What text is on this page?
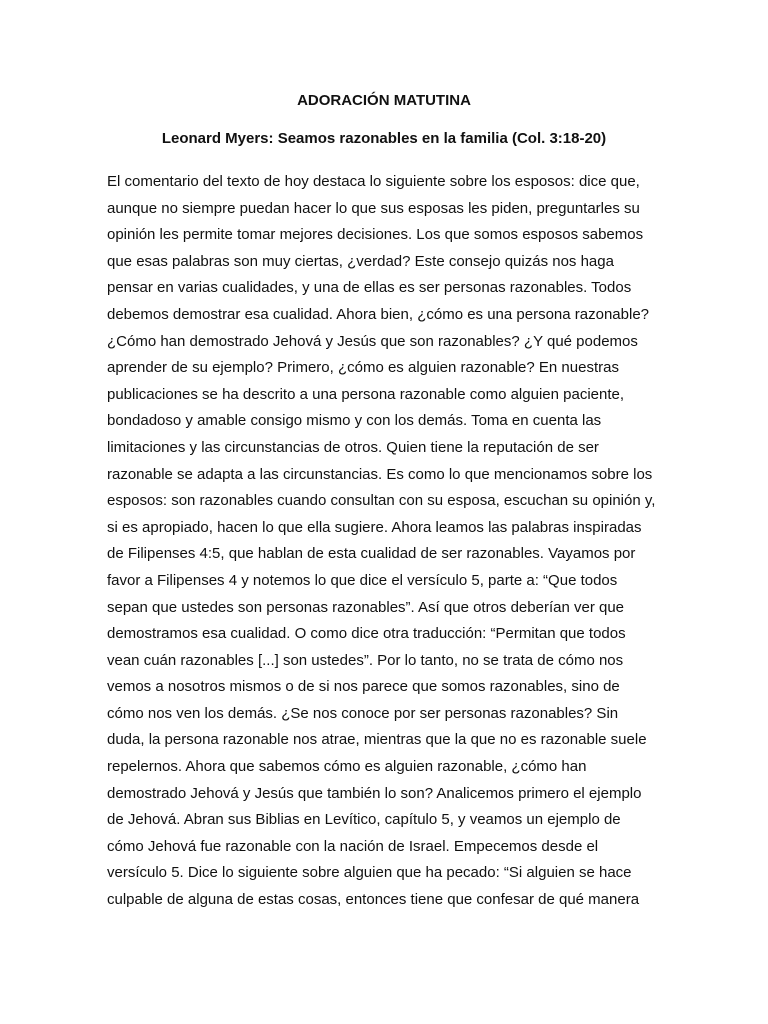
ADORACIÓN MATUTINA
Leonard Myers: Seamos razonables en la familia (Col. 3:18-20)
El comentario del texto de hoy destaca lo siguiente sobre los esposos: dice que,
aunque no siempre puedan hacer lo que sus esposas les piden, preguntarles su
opinión les permite tomar mejores decisiones. Los que somos esposos sabemos
que esas palabras son muy ciertas, ¿verdad? Este consejo quizás nos haga
pensar en varias cualidades, y una de ellas es ser personas razonables. Todos
debemos demostrar esa cualidad. Ahora bien, ¿cómo es una persona razonable?
¿Cómo han demostrado Jehová y Jesús que son razonables? ¿Y qué podemos
aprender de su ejemplo? Primero, ¿cómo es alguien razonable? En nuestras
publicaciones se ha descrito a una persona razonable como alguien paciente,
bondadoso y amable consigo mismo y con los demás. Toma en cuenta las
limitaciones y las circunstancias de otros. Quien tiene la reputación de ser
razonable se adapta a las circunstancias. Es como lo que mencionamos sobre los
esposos: son razonables cuando consultan con su esposa, escuchan su opinión y,
si es apropiado, hacen lo que ella sugiere. Ahora leamos las palabras inspiradas
de Filipenses 4:5, que hablan de esta cualidad de ser razonables. Vayamos por
favor a Filipenses 4 y notemos lo que dice el versículo 5, parte a: “Que todos
sepan que ustedes son personas razonables”. Así que otros deberían ver que
demostramos esa cualidad. O como dice otra traducción: “Permitan que todos
vean cuán razonables [...] son ustedes”. Por lo tanto, no se trata de cómo nos
vemos a nosotros mismos o de si nos parece que somos razonables, sino de
cómo nos ven los demás. ¿Se nos conoce por ser personas razonables? Sin
duda, la persona razonable nos atrae, mientras que la que no es razonable suele
repelernos. Ahora que sabemos cómo es alguien razonable, ¿cómo han
demostrado Jehová y Jesús que también lo son? Analicemos primero el ejemplo
de Jehová. Abran sus Biblias en Levítico, capítulo 5, y veamos un ejemplo de
cómo Jehová fue razonable con la nación de Israel. Empecemos desde el
versículo 5. Dice lo siguiente sobre alguien que ha pecado: “Si alguien se hace
culpable de alguna de estas cosas, entonces tiene que confesar de qué manera
